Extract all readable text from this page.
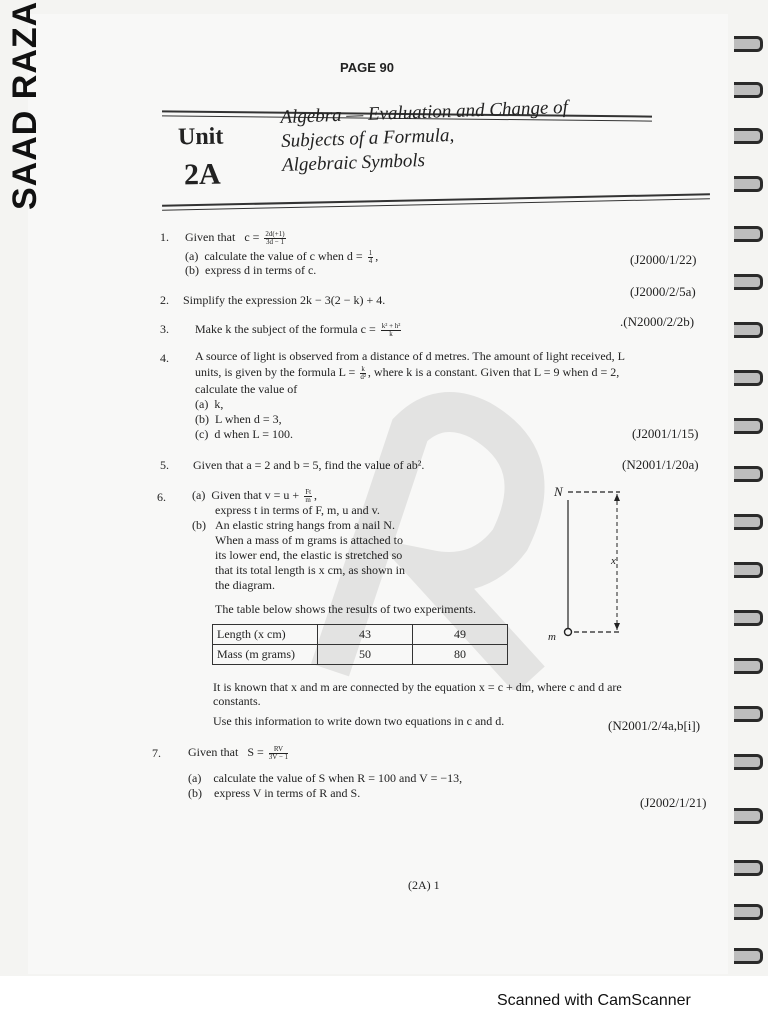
SAAD RAZA	PAGE 90
Unit
2A
Algebra — Evaluation and Change of
Subjects of a Formula,
Algebraic Symbols
1. Given that $c = \frac{2d(+1)}{3d - 1}$
(a) calculate the value of c when $d = \frac{1}{4}$ ,
(b) express d in terms of c.
(J2000/1/22)
2. Simplify the expression 2k − 3(2 − k) + 4.
(J2000/2/5a)
3. Make k the subject of the formula $c = \frac{\text{k² + h²}}{k}$
.(N2000/2/2b)
4. A source of light is observed from a distance of d metres. The amount of light received, L
units, is given by the formula $L = \frac{k}{\text{d²}}$ , where k is a constant. Given that L = 9 when d = 2,
calculate the value of
(a) k,
(b) L when d = 3,
(c) d when L = 100.	(J2001/1/15)
5. Given that a = 2 and b = 5, find the value of ab².	(N2001/1/20a)
6. (a) Given that $v = u + \frac{Ft}{m}$ ,
express t in terms of F, m, u and v.
(b) An elastic string hangs from a nail N.
When a mass of m grams is attached to
its lower end, the elastic is stretched so
that its total length is x cm, as shown in
the diagram.
The table below shows the results of two experiments.
Length (x cm)	43	49
Mass (m grams)	50	80
It is known that x and m are connected by the equation x = c + dm, where c and d are
constants.
Use this information to write down two equations in c and d.	(N2001/2/4a,b[i])
N
x
m
7. Given that $S = \frac{RV}{3V - 1}$
(a) calculate the value of S when R = 100 and V = −13,
(b) express V in terms of R and S.
(J2002/1/21)
(2A) 1
Scanned with CamScanner
